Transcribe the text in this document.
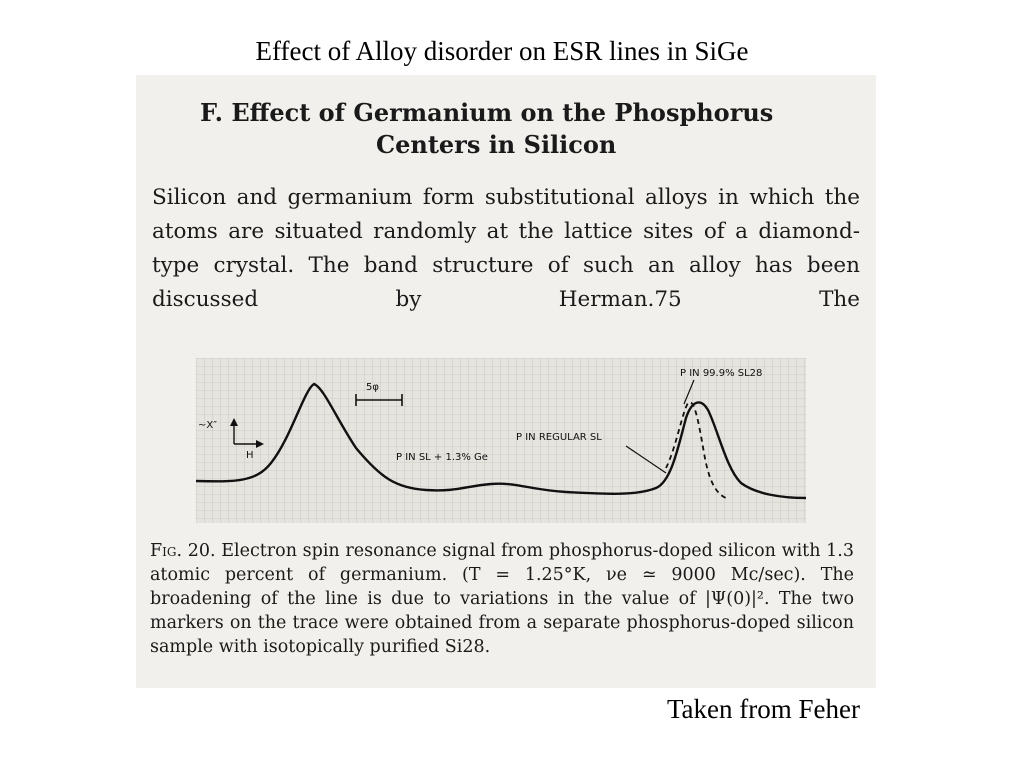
Effect of Alloy disorder on ESR lines in SiGe
F. Effect of Germanium on the Phosphorus
Centers in Silicon
Silicon and germanium form substitutional alloys in which the atoms are situated randomly at the lattice sites of a diamond-type crystal. The band structure of such an alloy has been discussed by Herman.75 The
5φ
~X″
H
P IN 99.9% SL28
P IN REGULAR SL
P IN SL + 1.3% Ge
Fig. 20. Electron spin resonance signal from phosphorus-doped silicon with 1.3 atomic percent of germanium. (T = 1.25°K, νe ≃ 9000 Mc/sec). The broadening of the line is due to variations in the value of |Ψ(0)|². The two markers on the trace were obtained from a separate phosphorus-doped silicon sample with isotopically purified Si28.
Taken from Feher
